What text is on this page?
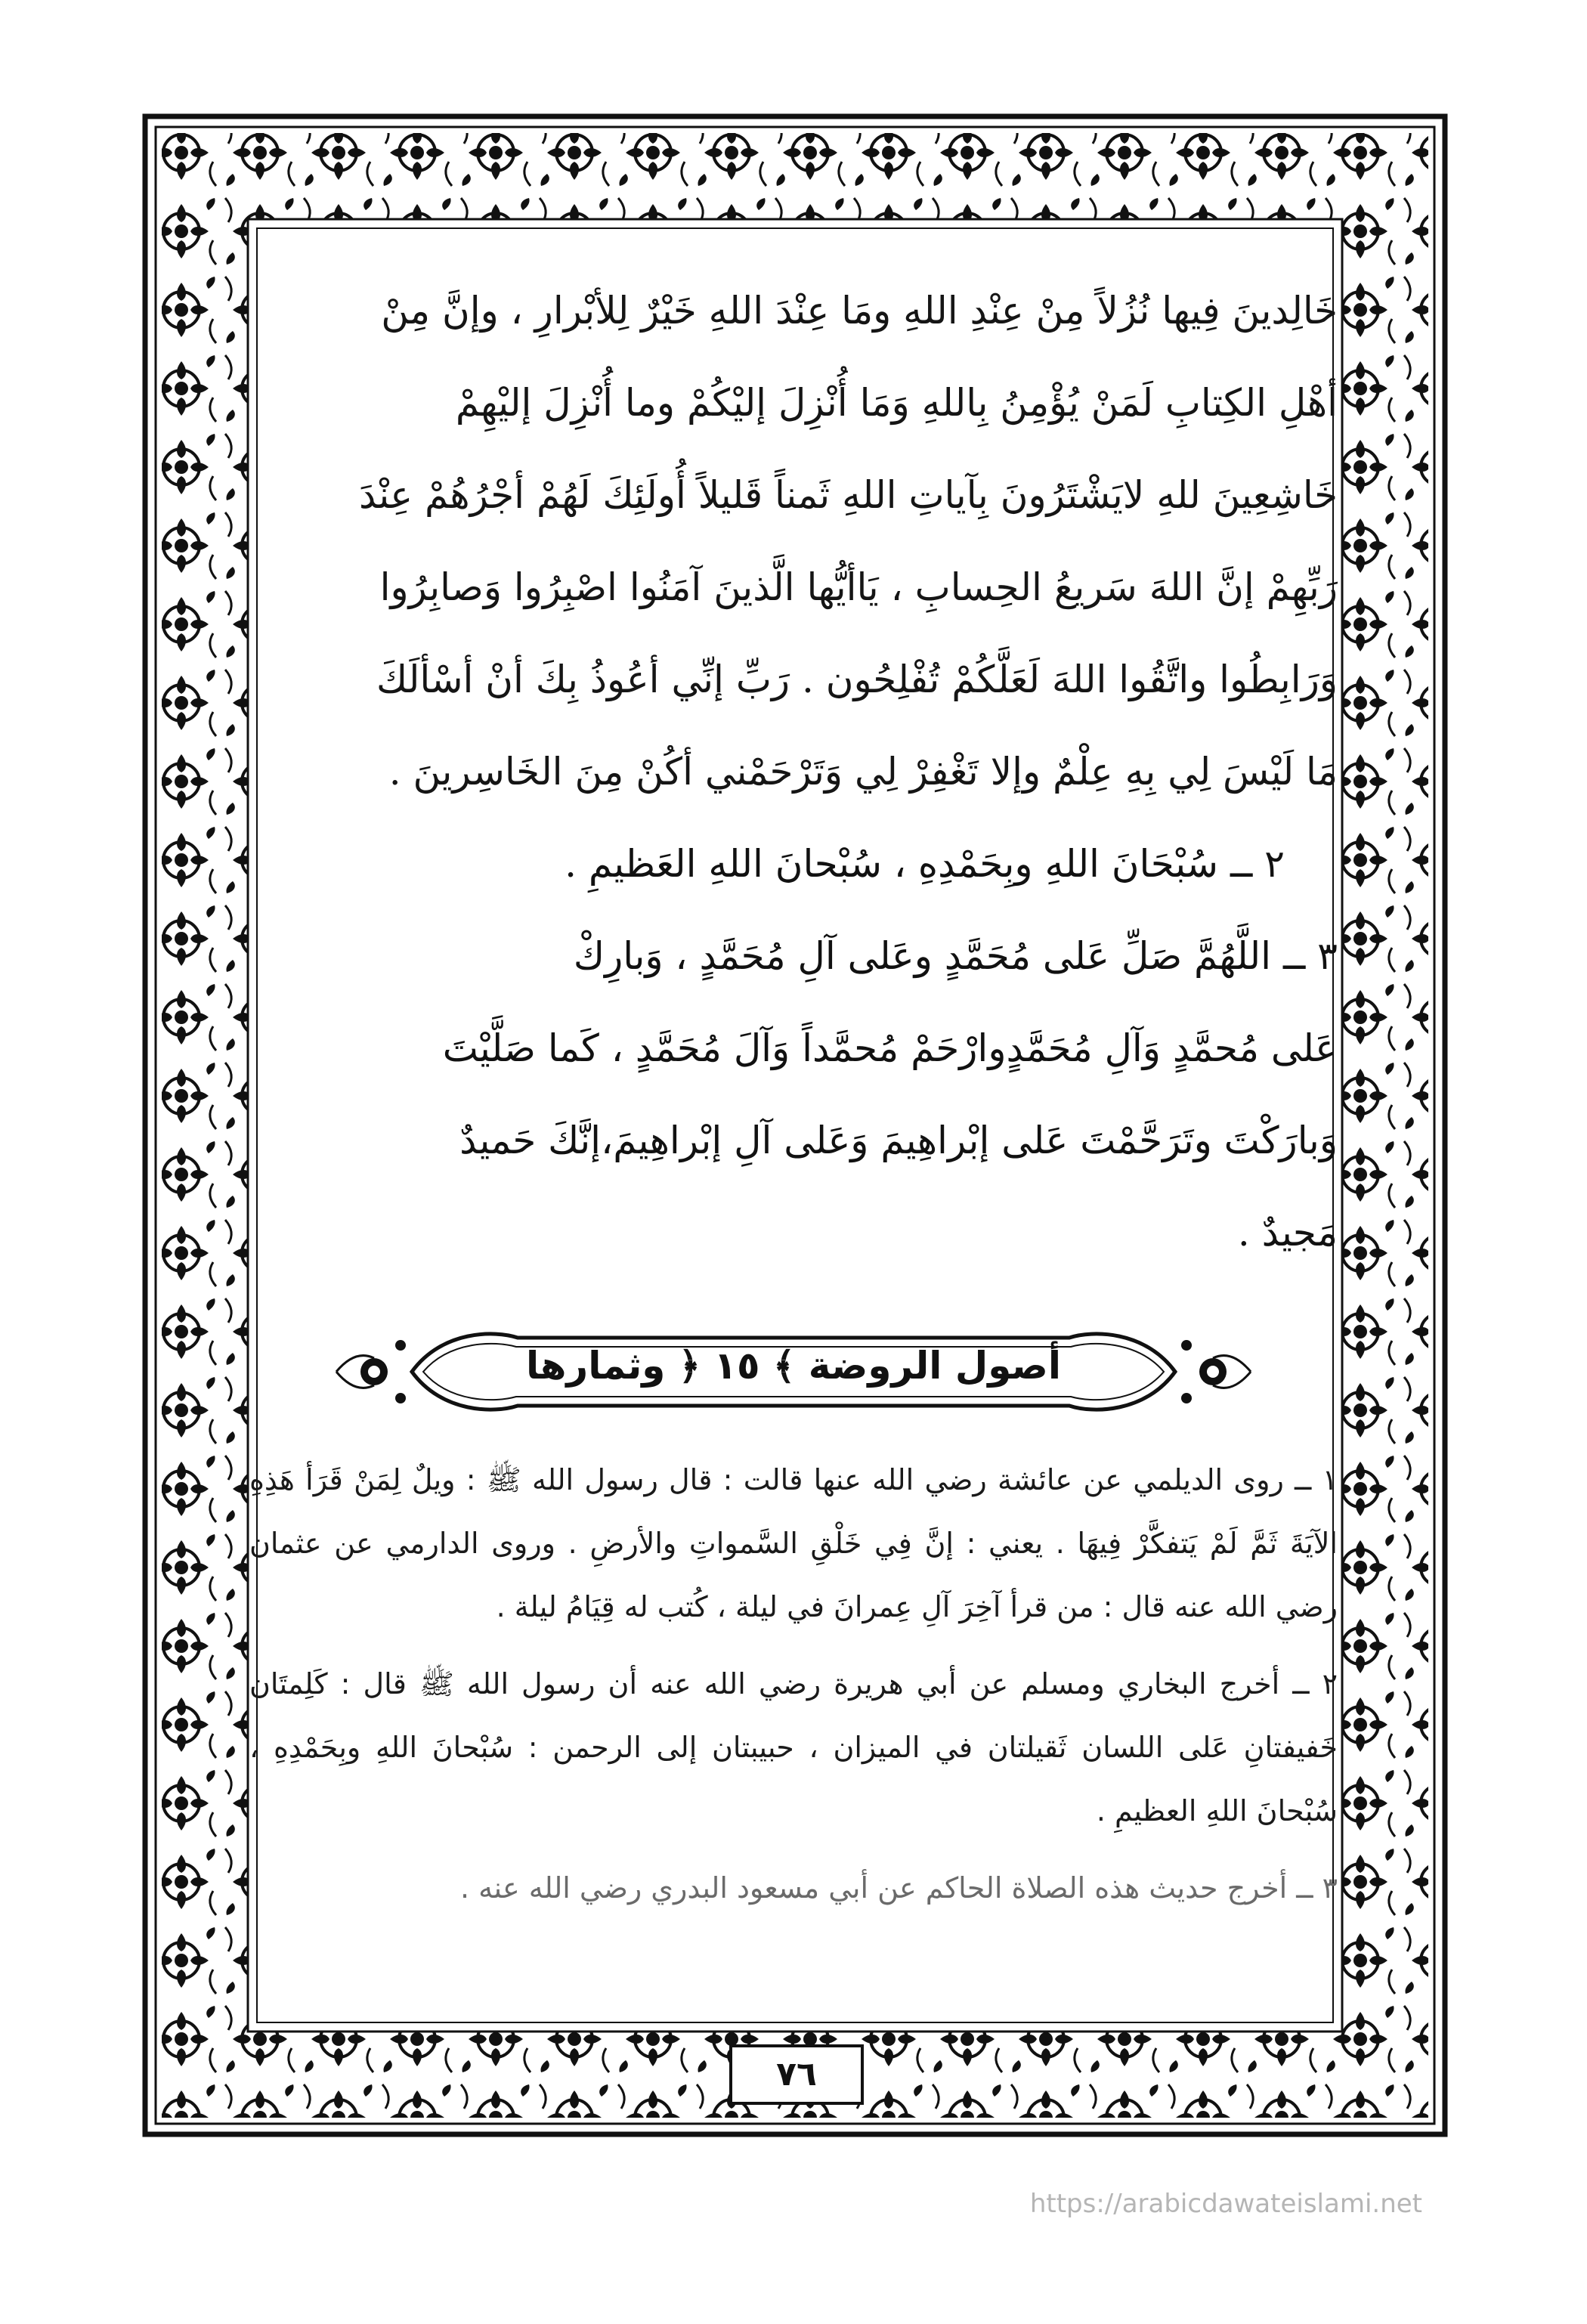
خَالِدينَ فِيها نُزُلاً مِنْ عِنْدِ اللهِ ومَا عِنْدَ اللهِ خَيْرٌ لِلأبْرارِ ، وإنَّ مِنْ

أهْلِ الكِتابِ لَمَنْ يُؤْمِنُ بِاللهِ وَمَا أُنْزِلَ إليْكُمْ وما أُنْزِلَ إليْهِمْ

خَاشِعِينَ للهِ لايَشْتَرُونَ بِآياتِ اللهِ ثَمناً قَليلاً أُولَئِكَ لَهُمْ أجْرُهُمْ عِنْدَ

رَبِّهِمْ إنَّ اللهَ سَريعُ الحِسابِ ، يَاأيُّها الَّذينَ آمَنُوا اصْبِرُوا وَصابِرُوا

وَرَابِطُوا واتَّقُوا اللهَ لَعَلَّكُمْ تُفْلِحُون . رَبِّ إنِّي أعُوذُ بِكَ أنْ أسْألَكَ

مَا لَيْسَ لِي بِهِ عِلْمٌ وإلا تَغْفِرْ لِي وَتَرْحَمْني أكُنْ مِنَ الخَاسِرينَ .

٢ ــ سُبْحَانَ اللهِ وبِحَمْدِهِ ، سُبْحانَ اللهِ العَظيمِ .

٣ ــ اللَّهُمَّ صَلِّ عَلى مُحَمَّدٍ وعَلى آلِ مُحَمَّدٍ ، وَبارِكْ

عَلى مُحمَّدٍ وَآلِ مُحَمَّدٍوارْحَمْ مُحمَّداً وَآلَ مُحَمَّدٍ ، كَما صَلَّيْتَ

وَبارَكْتَ وتَرَحَّمْتَ عَلى إبْراهِيمَ وَعَلى آلِ إبْراهِيمَ،إنَّكَ حَميدٌ

مَجيدٌ .

أصول الروضة ﴾ ١٥ ﴿ وثمارها

١ ــ روى الديلمي عن عائشة رضي الله عنها قالت : قال رسول الله ﷺ : ويلٌ لِمَنْ قَرَأ هَذِهِ الآيَةَ ثَمَّ لَمْ يَتفكَّرْ فِيهَا . يعني : إنَّ فِي خَلْقِ السَّمواتِ والأرضِ . وروى الدارمي عن عثمان رضي الله عنه قال : من قرأ آخِرَ آلِ عِمرانَ في ليلة ، كُتب له قِيَامُ ليلة .

٢ ــ أخرج البخاري ومسلم عن أبي هريرة رضي الله عنه أن رسول الله ﷺ قال : كَلِمتَان خَفيفتانِ عَلى اللسان ثَقيلتان في الميزان ، حبيبتان إلى الرحمن : سُبْحانَ اللهِ وبِحَمْدِهِ ، سُبْحانَ اللهِ العظيمِ .

٣ ــ أخرج حديث هذه الصلاة الحاكم عن أبي مسعود البدري رضي الله عنه .

٧٦
https://arabicdawateislami.net
